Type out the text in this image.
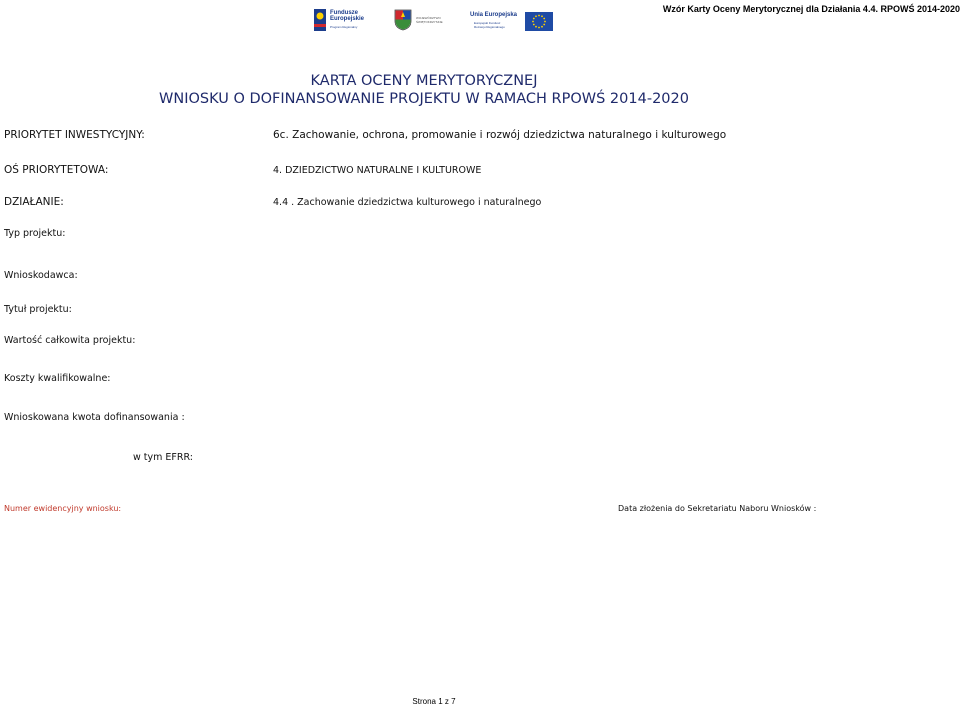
Wzór Karty Oceny Merytorycznej dla Działania 4.4. RPOWŚ 2014-2020
Fundusze
Europejskie
Program Regionalny
WOJEWÓDZTWO
ŚWIĘTOKRZYSKIE
Unia Europejska
Europejski Fundusz
Rozwoju Regionalnego
KARTA OCENY MERYTORYCZNEJ
WNIOSKU O DOFINANSOWANIE PROJEKTU W RAMACH RPOWŚ 2014-2020
PRIORYTET INWESTYCYJNY:	6c. Zachowanie, ochrona, promowanie i rozwój dziedzictwa naturalnego i kulturowego
OŚ PRIORYTETOWA:	4. DZIEDZICTWO NATURALNE I KULTUROWE
DZIAŁANIE:	4.4 . Zachowanie dziedzictwa kulturowego i naturalnego
Typ projektu:
Wnioskodawca:
Tytuł projektu:
Wartość całkowita projektu:
Koszty kwalifikowalne:
Wnioskowana kwota dofinansowania :
w tym EFRR:
Numer ewidencyjny wniosku:	Data złożenia do Sekretariatu Naboru Wniosków :
Strona 1 z 7
